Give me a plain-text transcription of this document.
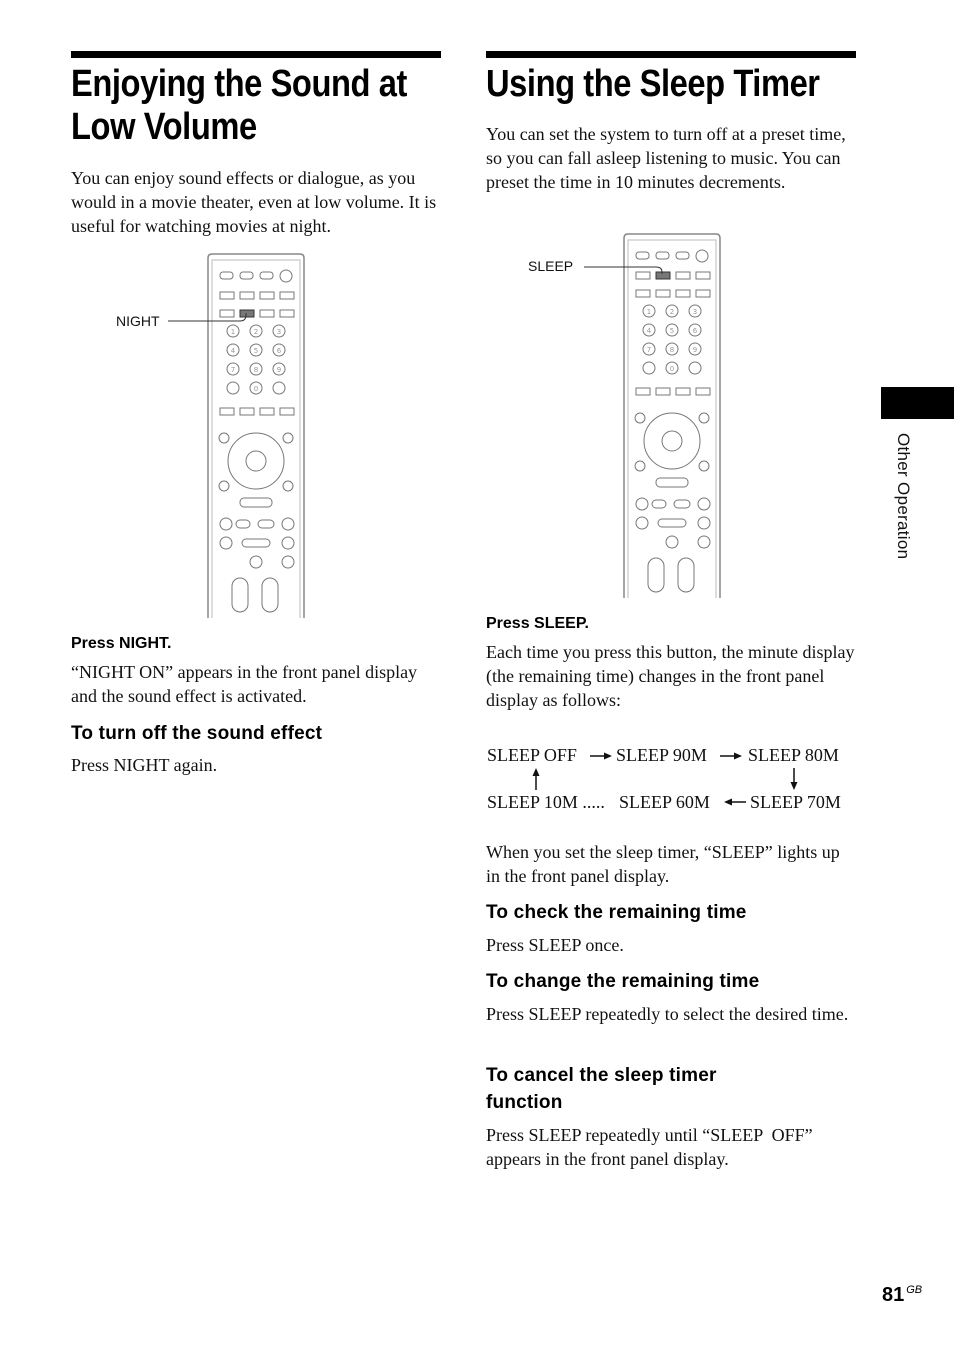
Enjoying the Sound at
Low Volume

You can enjoy sound effects or dialogue, as you would in a movie theater, even at low volume. It is useful for watching movies at night.

1	2	3
4	5	6
7	8	9
0
NIGHT
Press NIGHT.

“NIGHT ON” appears in the front panel display and the sound effect is activated.

To turn off the sound effect

Press NIGHT again.

Using the Sleep Timer

You can set the system to turn off at a preset time, so you can fall asleep listening to music. You can preset the time in 10 minutes decrements.

1	2	3
4	5	6
7	8	9
0
SLEEP
Press SLEEP.

Each time you press this button, the minute display (the remaining time) changes in the front panel display as follows:

SLEEP OFF SLEEP 90M SLEEP 80M
SLEEP 10M ..... SLEEP 60M SLEEP 70M

When you set the sleep timer, “SLEEP” lights up in the front panel display.

To check the remaining time

Press SLEEP once.

To change the remaining time

Press SLEEP repeatedly to select the desired time.

To cancel the sleep timer
function

Press SLEEP repeatedly until “SLEEP  OFF” appears in the front panel display.

Other Operation
81 $^{GB}$
